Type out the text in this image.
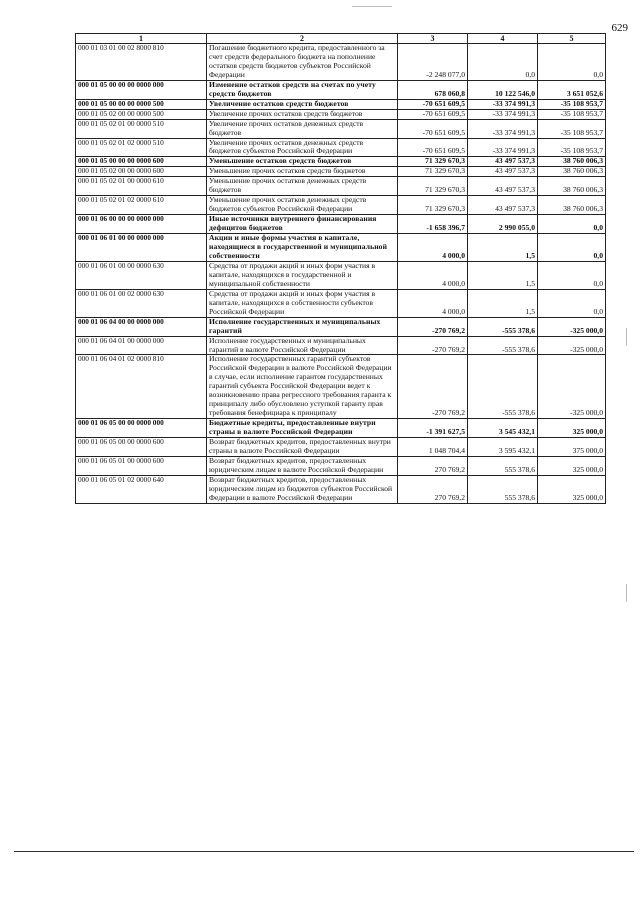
629
1	2	3	4	5
000 01 03 01 00 02 8000 810	Погашение бюджетного кредита, предоставленного за счет средств федерального бюджета на пополнение остатков средств бюджетов субъектов Российской Федерации	-2 248 077,0	0,0	0,0
000 01 05 00 00 00 0000 000	Изменение остатков средств на счетах по учету средств бюджетов	678 060,8	10 122 546,0	3 651 052,6
000 01 05 00 00 00 0000 500	Увеличение остатков средств бюджетов	-70 651 609,5	-33 374 991,3	-35 108 953,7
000 01 05 02 00 00 0000 500	Увеличение прочих остатков средств бюджетов	-70 651 609,5	-33 374 991,3	-35 108 953,7
000 01 05 02 01 00 0000 510	Увеличение прочих остатков денежных средств бюджетов	-70 651 609,5	-33 374 991,3	-35 108 953,7
000 01 05 02 01 02 0000 510	Увеличение прочих остатков денежных средств бюджетов субъектов Российской Федерации	-70 651 609,5	-33 374 991,3	-35 108 953,7
000 01 05 00 00 00 0000 600	Уменьшение остатков средств бюджетов	71 329 670,3	43 497 537,3	38 760 006,3
000 01 05 02 00 00 0000 600	Уменьшение прочих остатков средств бюджетов	71 329 670,3	43 497 537,3	38 760 006,3
000 01 05 02 01 00 0000 610	Уменьшение прочих остатков денежных средств бюджетов	71 329 670,3	43 497 537,3	38 760 006,3
000 01 05 02 01 02 0000 610	Уменьшение прочих остатков денежных средств бюджетов субъектов Российской Федерации	71 329 670,3	43 497 537,3	38 760 006,3
000 01 06 00 00 00 0000 000	Иные источники внутреннего финансирования дефицитов бюджетов	-1 658 396,7	2 990 055,0	0,0
000 01 06 01 00 00 0000 000	Акции и иные формы участия в капитале, находящиеся в государственной и муниципальной собственности	4 000,0	1,5	0,0
000 01 06 01 00 00 0000 630	Средства от продажи акций и иных форм участия в капитале, находящихся в государственной и муниципальной собственности	4 000,0	1,5	0,0
000 01 06 01 00 02 0000 630	Средства от продажи акций и иных форм участия в капитале, находящихся в собственности субъектов Российской Федерации	4 000,0	1,5	0,0
000 01 06 04 00 00 0000 000	Исполнение государственных и муниципальных гарантий	-270 769,2	-555 378,6	-325 000,0
000 01 06 04 01 00 0000 000	Исполнение государственных и муниципальных гарантий в валюте Российской Федерации	-270 769,2	-555 378,6	-325 000,0
000 01 06 04 01 02 0000 810	Исполнение государственных гарантий субъектов Российской Федерации в валюте Российской Федерации в случае, если исполнение гарантом государственных гарантий субъекта Российской Федерации ведет к возникновению права регрессного требования гаранта к принципалу либо обусловлено уступкой гаранту прав требования бенефициара к принципалу	-270 769,2	-555 378,6	-325 000,0
000 01 06 05 00 00 0000 000	Бюджетные кредиты, предоставленные внутри страны в валюте Российской Федерации	-1 391 627,5	3 545 432,1	325 000,0
000 01 06 05 00 00 0000 600	Возврат бюджетных кредитов, предоставленных внутри страны в валюте Российской Федерации	1 048 704,4	3 595 432,1	375 000,0
000 01 06 05 01 00 0000 600	Возврат бюджетных кредитов, предоставленных юридическим лицам в валюте Российской Федерации	270 769,2	555 378,6	325 000,0
000 01 06 05 01 02 0000 640	Возврат бюджетных кредитов, предоставленных юридическим лицам из бюджетов субъектов Российской Федерации в валюте Российской Федерации	270 769,2	555 378,6	325 000,0
